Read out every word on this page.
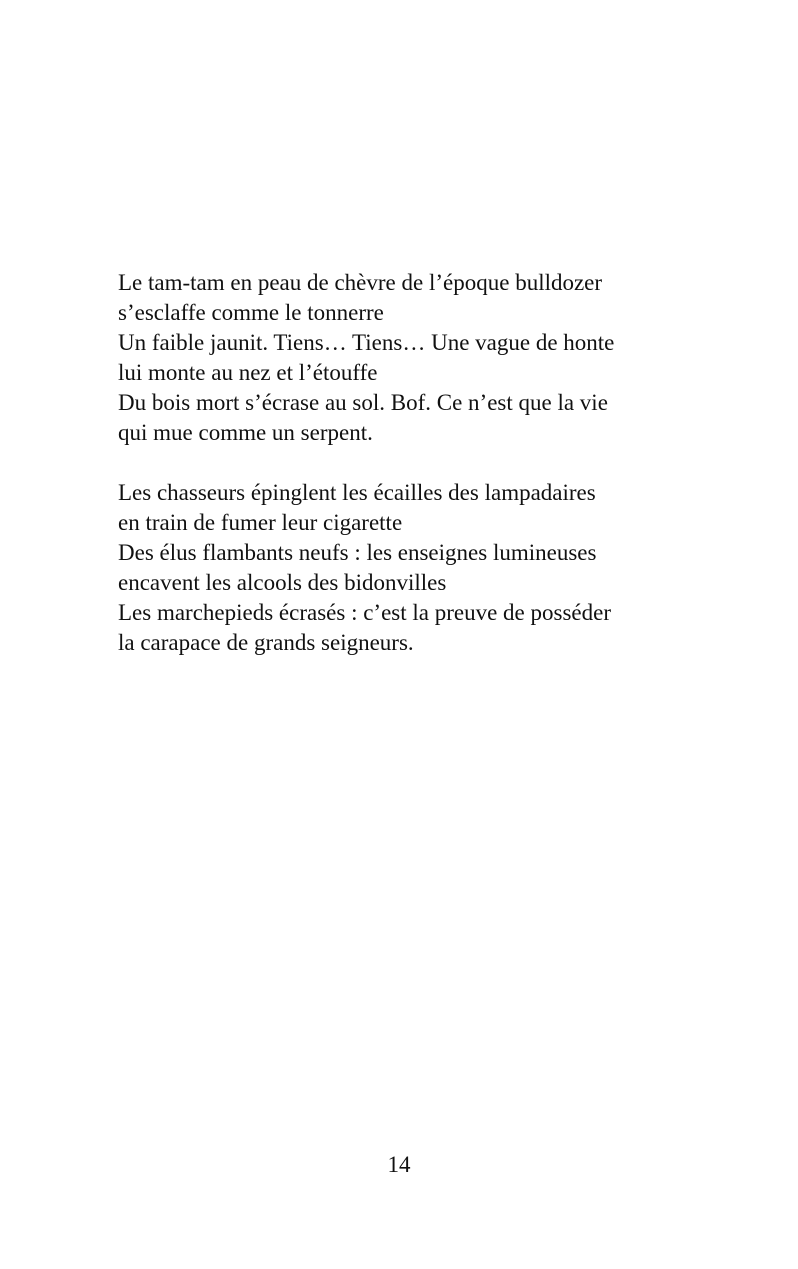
Le tam-tam en peau de chèvre de l’époque bulldozer
s’esclaffe comme le tonnerre
Un faible jaunit. Tiens… Tiens… Une vague de honte
lui monte au nez et l’étouffe
Du bois mort s’écrase au sol. Bof. Ce n’est que la vie
qui mue comme un serpent.

Les chasseurs épinglent les écailles des lampadaires
en train de fumer leur cigarette
Des élus flambants neufs : les enseignes lumineuses
encavent les alcools des bidonvilles
Les marchepieds écrasés : c’est la preuve de posséder
la carapace de grands seigneurs.

14
